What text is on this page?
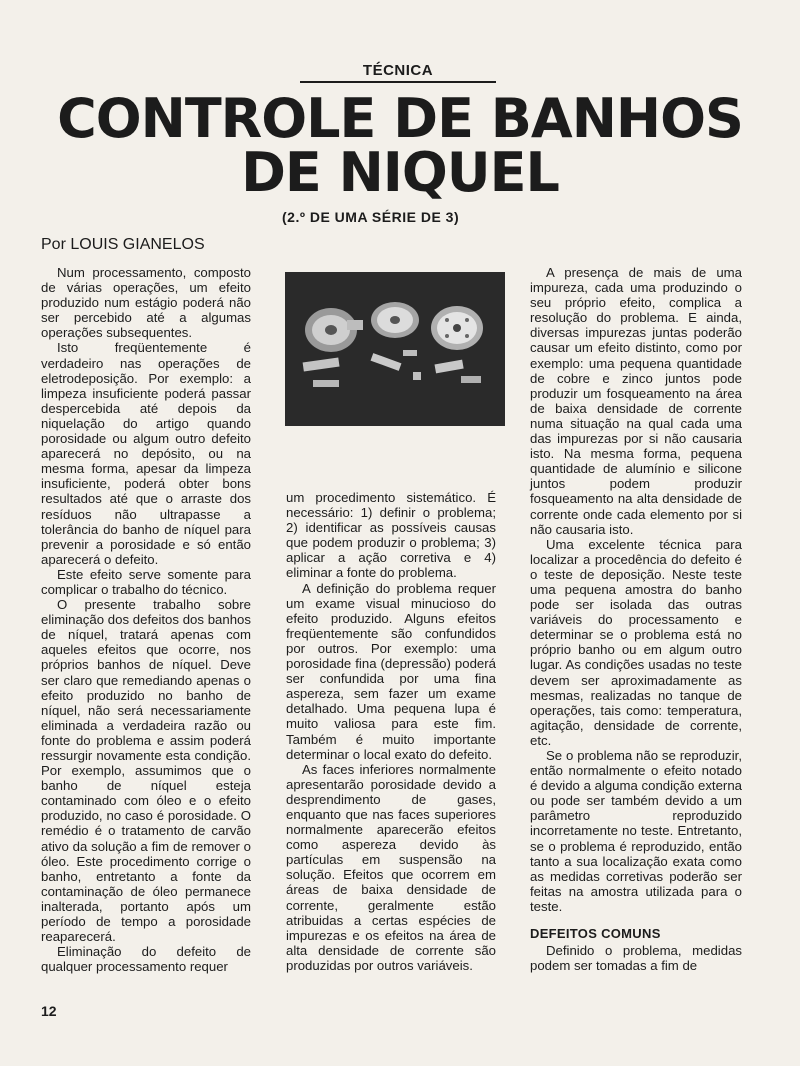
TÉCNICA
CONTROLE DE BANHOS DE NIQUEL
(2.º DE UMA SÉRIE DE 3)
Por LOUIS GIANELOS

Num processamento, composto de várias operações, um efeito produzido num estágio poderá não ser percebido até a algumas operações subsequentes.

Isto freqüentemente é verdadeiro nas operações de eletrodeposição. Por exemplo: a limpeza insuficiente poderá passar despercebida até depois da niquelação do artigo quando porosidade ou algum outro defeito aparecerá no depósito, ou na mesma forma, apesar da limpeza insuficiente, poderá obter bons resultados até que o arraste dos resíduos não ultrapasse a tolerância do banho de níquel para prevenir a porosidade e só então aparecerá o defeito.

Este efeito serve somente para complicar o trabalho do técnico.

O presente trabalho sobre eliminação dos defeitos dos banhos de níquel, tratará apenas com aqueles efeitos que ocorre, nos próprios banhos de níquel. Deve ser claro que remediando apenas o efeito produzido no banho de níquel, não será necessariamente eliminada a verdadeira razão ou fonte do problema e assim poderá ressurgir novamente esta condição. Por exemplo, assumimos que o banho de níquel esteja contaminado com óleo e o efeito produzido, no caso é porosidade. O remédio é o tratamento de carvão ativo da solução a fim de remover o óleo. Este procedimento corrige o banho, entretanto a fonte da contaminação de óleo permanece inalterada, portanto após um período de tempo a porosidade reaparecerá.

Eliminação do defeito de qualquer processamento requer

um procedimento sistemático. É necessário: 1) definir o problema; 2) identificar as possíveis causas que podem produzir o problema; 3) aplicar a ação corretiva e 4) eliminar a fonte do problema.

A definição do problema requer um exame visual minucioso do efeito produzido. Alguns efeitos freqüentemente são confundidos por outros. Por exemplo: uma porosidade fina (depressão) poderá ser confundida por uma fina aspereza, sem fazer um exame detalhado. Uma pequena lupa é muito valiosa para este fim. Também é muito importante determinar o local exato do defeito.

As faces inferiores normalmente apresentarão porosidade devido a desprendimento de gases, enquanto que nas faces superiores normalmente aparecerão efeitos como aspereza devido às partículas em suspensão na solução. Efeitos que ocorrem em áreas de baixa densidade de corrente, geralmente estão atribuidas a certas espécies de impurezas e os efeitos na área de alta densidade de corrente são produzidas por outros variáveis.

A presença de mais de uma impureza, cada uma produzindo o seu próprio efeito, complica a resolução do problema. E ainda, diversas impurezas juntas poderão causar um efeito distinto, como por exemplo: uma pequena quantidade de cobre e zinco juntos pode produzir um fosqueamento na área de baixa densidade de corrente numa situação na qual cada uma das impurezas por si não causaria isto. Na mesma forma, pequena quantidade de alumínio e silicone juntos podem produzir fosqueamento na alta densidade de corrente onde cada elemento por si não causaria isto.

Uma excelente técnica para localizar a procedência do defeito é o teste de deposição. Neste teste uma pequena amostra do banho pode ser isolada das outras variáveis do processamento e determinar se o problema está no próprio banho ou em algum outro lugar. As condições usadas no teste devem ser aproximadamente as mesmas, realizadas no tanque de operações, tais como: temperatura, agitação, densidade de corrente, etc.

Se o problema não se reproduzir, então normalmente o efeito notado é devido a alguma condição externa ou pode ser também devido a um parâmetro reproduzido incorretamente no teste. Entretanto, se o problema é reproduzido, então tanto a sua localização exata como as medidas corretivas poderão ser feitas na amostra utilizada para o teste.

DEFEITOS COMUNS

Definido o problema, medidas podem ser tomadas a fim de

12
